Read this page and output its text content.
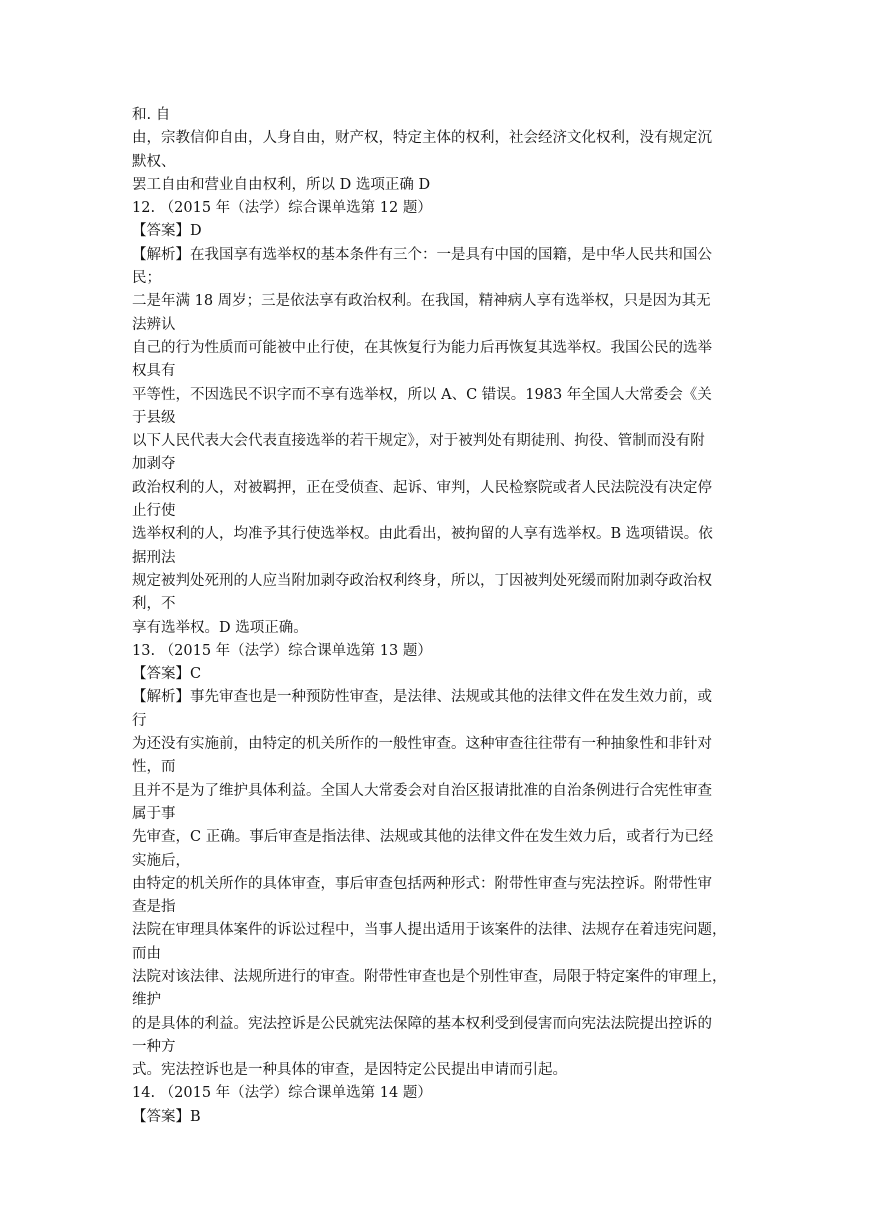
和. 自
由，宗教信仰自由，人身自由，财产权，特定主体的权利，社会经济文化权利，没有规定沉
默权、
罢工自由和营业自由权利，所以 D 选项正确 D
12. （2015 年（法学）综合课单选第 12 题）
【答案】D
【解析】在我国享有选举权的基本条件有三个：一是具有中国的国籍，是中华人民共和国公
民；
二是年满 18 周岁；三是依法享有政治权利。在我国，精神病人享有选举权，只是因为其无
法辨认
自己的行为性质而可能被中止行使，在其恢复行为能力后再恢复其选举权。我国公民的选举
权具有
平等性，不因选民不识字而不享有选举权，所以 A、C 错误。1983 年全国人大常委会《关
于县级
以下人民代表大会代表直接选举的若干规定》，对于被判处有期徒刑、拘役、管制而没有附
加剥夺
政治权利的人，对被羁押，正在受侦查、起诉、审判，人民检察院或者人民法院没有决定停
止行使
选举权利的人，均准予其行使选举权。由此看出，被拘留的人享有选举权。B 选项错误。依
据刑法
规定被判处死刑的人应当附加剥夺政治权利终身，所以，丁因被判处死缓而附加剥夺政治权
利，不
享有选举权。D 选项正确。
13. （2015 年（法学）综合课单选第 13 题）
【答案】C
【解析】事先审查也是一种预防性审查，是法律、法规或其他的法律文件在发生效力前，或
行
为还没有实施前，由特定的机关所作的一般性审查。这种审查往往带有一种抽象性和非针对
性，而
且并不是为了维护具体利益。全国人大常委会对自治区报请批准的自治条例进行合宪性审查
属于事
先审查，C 正确。事后审查是指法律、法规或其他的法律文件在发生效力后，或者行为已经
实施后，
由特定的机关所作的具体审查，事后审查包括两种形式：附带性审查与宪法控诉。附带性审
查是指
法院在审理具体案件的诉讼过程中，当事人提出适用于该案件的法律、法规存在着违宪问题，
而由
法院对该法律、法规所进行的审查。附带性审查也是个别性审查，局限于特定案件的审理上，
维护
的是具体的利益。宪法控诉是公民就宪法保障的基本权利受到侵害而向宪法法院提出控诉的
一种方
式。宪法控诉也是一种具体的审查，是因特定公民提出申请而引起。
14. （2015 年（法学）综合课单选第 14 题）
【答案】B
